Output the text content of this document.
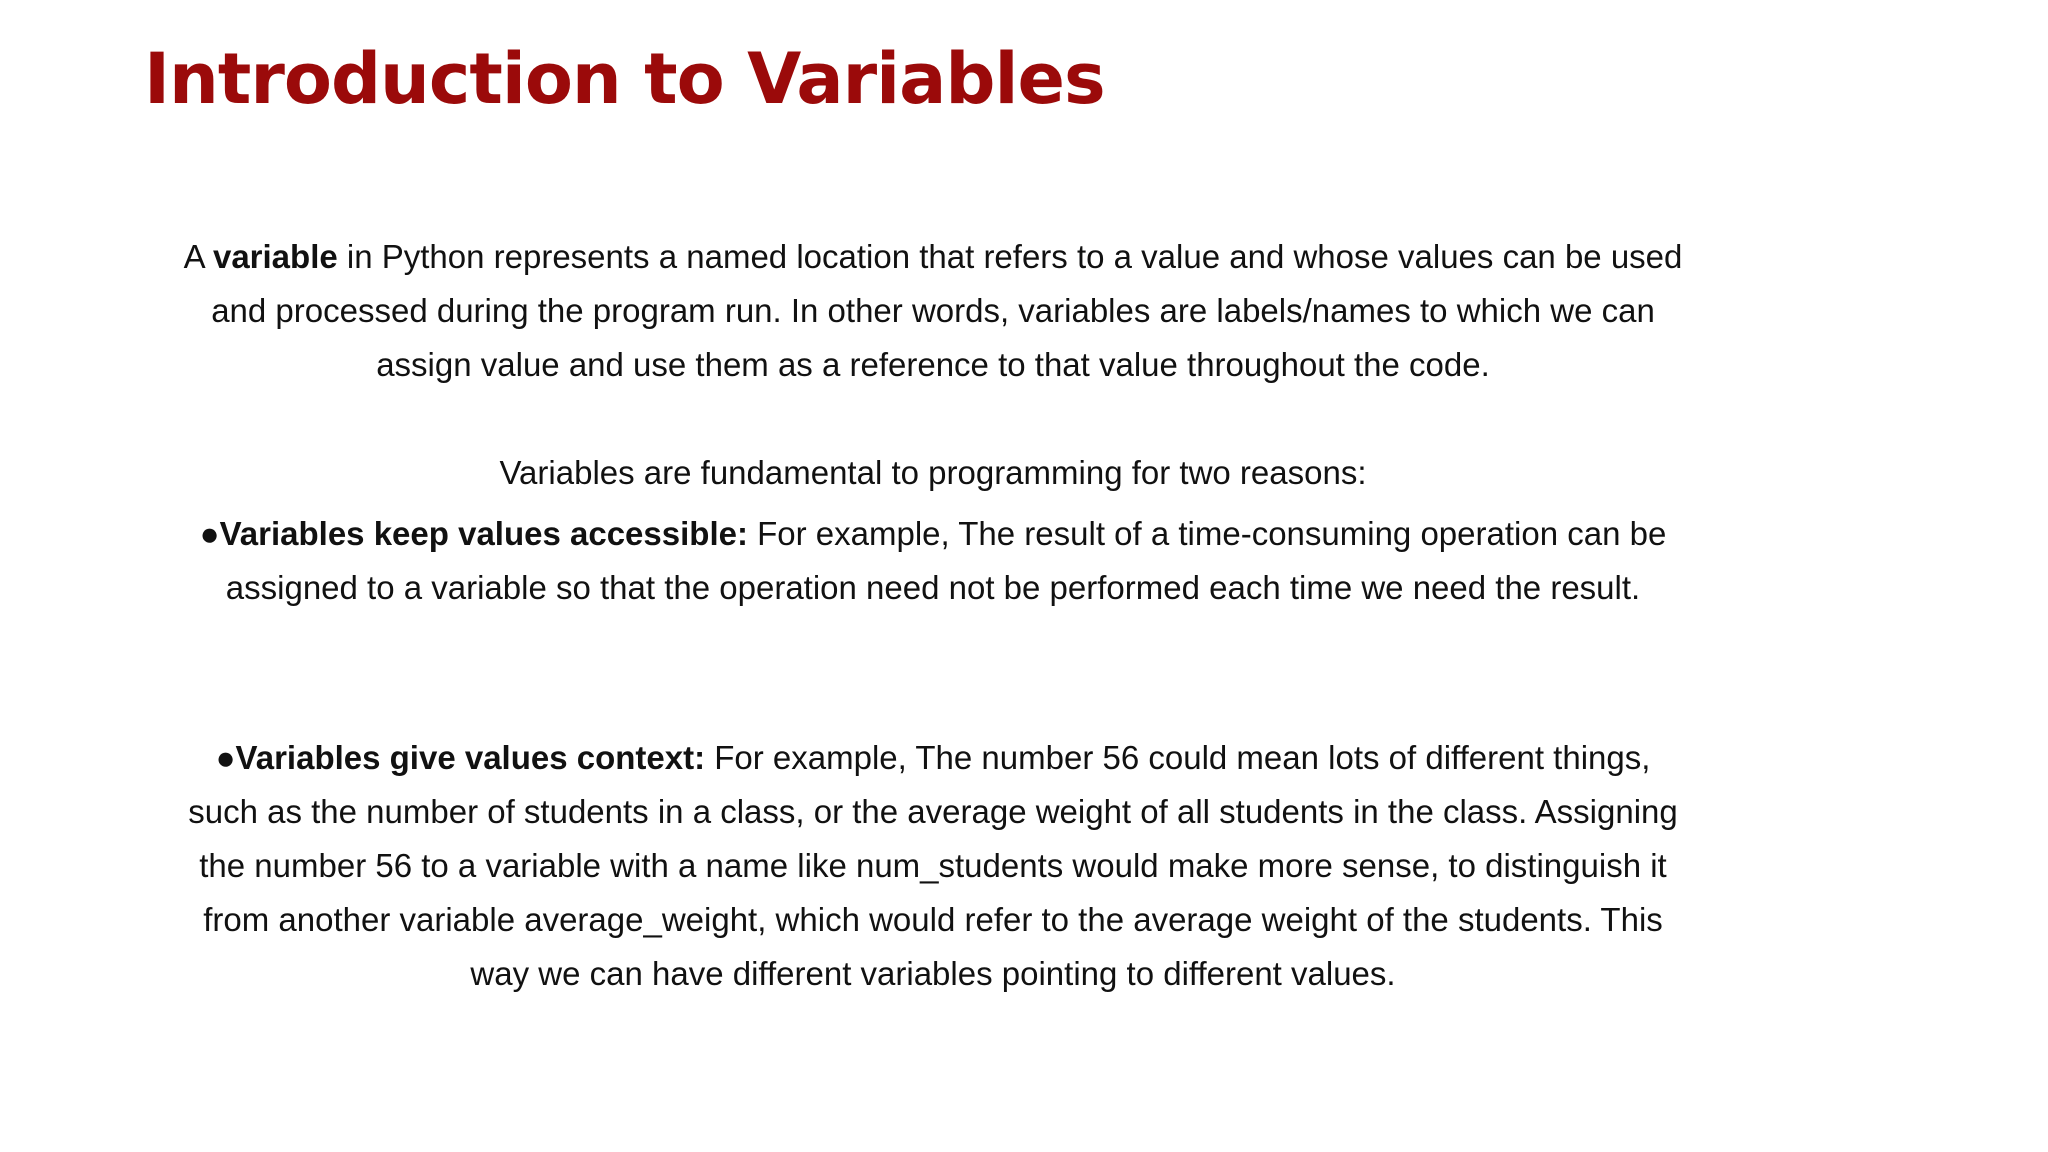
Introduction to Variables

A variable in Python represents a named location that refers to a value and whose values can be used and processed during the program run. In other words, variables are labels/names to which we can assign value and use them as a reference to that value throughout the code.

Variables are fundamental to programming for two reasons:

●Variables keep values accessible: For example, The result of a time-consuming operation can be assigned to a variable so that the operation need not be performed each time we need the result.

●Variables give values context: For example, The number 56 could mean lots of different things, such as the number of students in a class, or the average weight of all students in the class. Assigning the number 56 to a variable with a name like num_students would make more sense, to distinguish it from another variable average_weight, which would refer to the average weight of the students. This way we can have different variables pointing to different values.
